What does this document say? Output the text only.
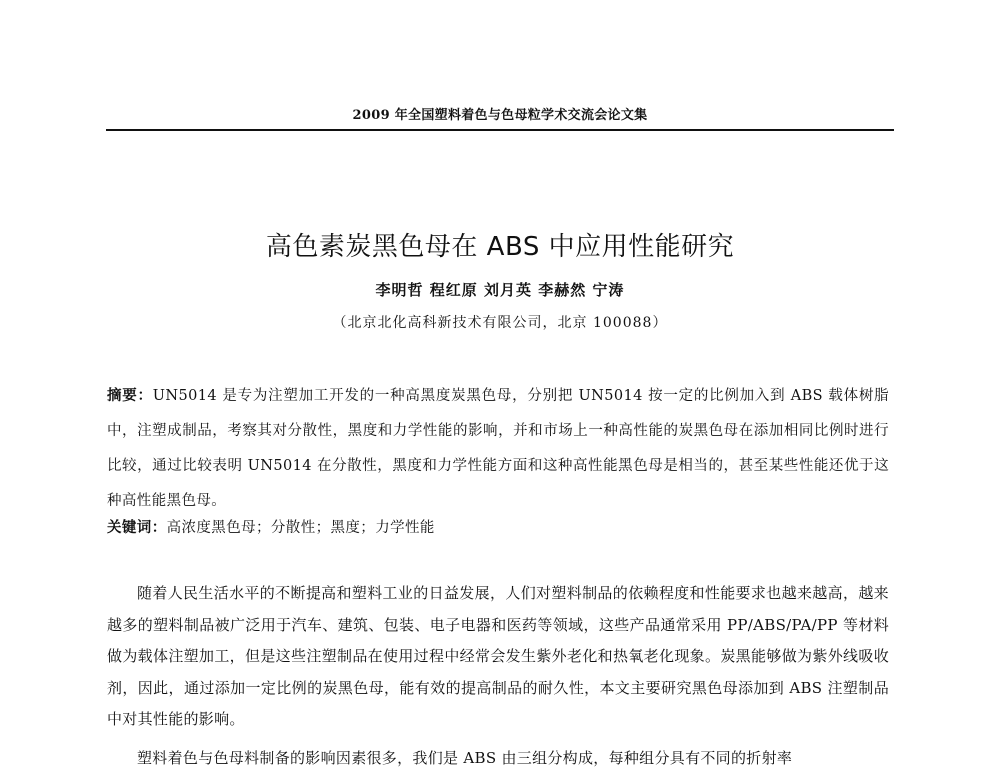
2009 年全国塑料着色与色母粒学术交流会论文集
高色素炭黑色母在 ABS 中应用性能研究
李明哲 程红原 刘月英 李赫然 宁涛
（北京北化高科新技术有限公司，北京 100088）
摘要：UN5014 是专为注塑加工开发的一种高黑度炭黑色母，分别把 UN5014 按一定的比例加入到 ABS 载体树脂中，注塑成制品，考察其对分散性，黑度和力学性能的影响，并和市场上一种高性能的炭黑色母在添加相同比例时进行比较，通过比较表明 UN5014 在分散性，黑度和力学性能方面和这种高性能黑色母是相当的，甚至某些性能还优于这种高性能黑色母。
关键词：高浓度黑色母；分散性；黑度；力学性能

随着人民生活水平的不断提高和塑料工业的日益发展，人们对塑料制品的依赖程度和性能要求也越来越高，越来越多的塑料制品被广泛用于汽车、建筑、包装、电子电器和医药等领域，这些产品通常采用 PP/ABS/PA/PP 等材料做为载体注塑加工，但是这些注塑制品在使用过程中经常会发生紫外老化和热氧老化现象。炭黑能够做为紫外线吸收剂，因此，通过添加一定比例的炭黑色母，能有效的提高制品的耐久性，本文主要研究黑色母添加到 ABS 注塑制品中对其性能的影响。

塑料着色与色母料制备的影响因素很多，我们是 ABS 由三组分构成，每种组分具有不同的折射率
